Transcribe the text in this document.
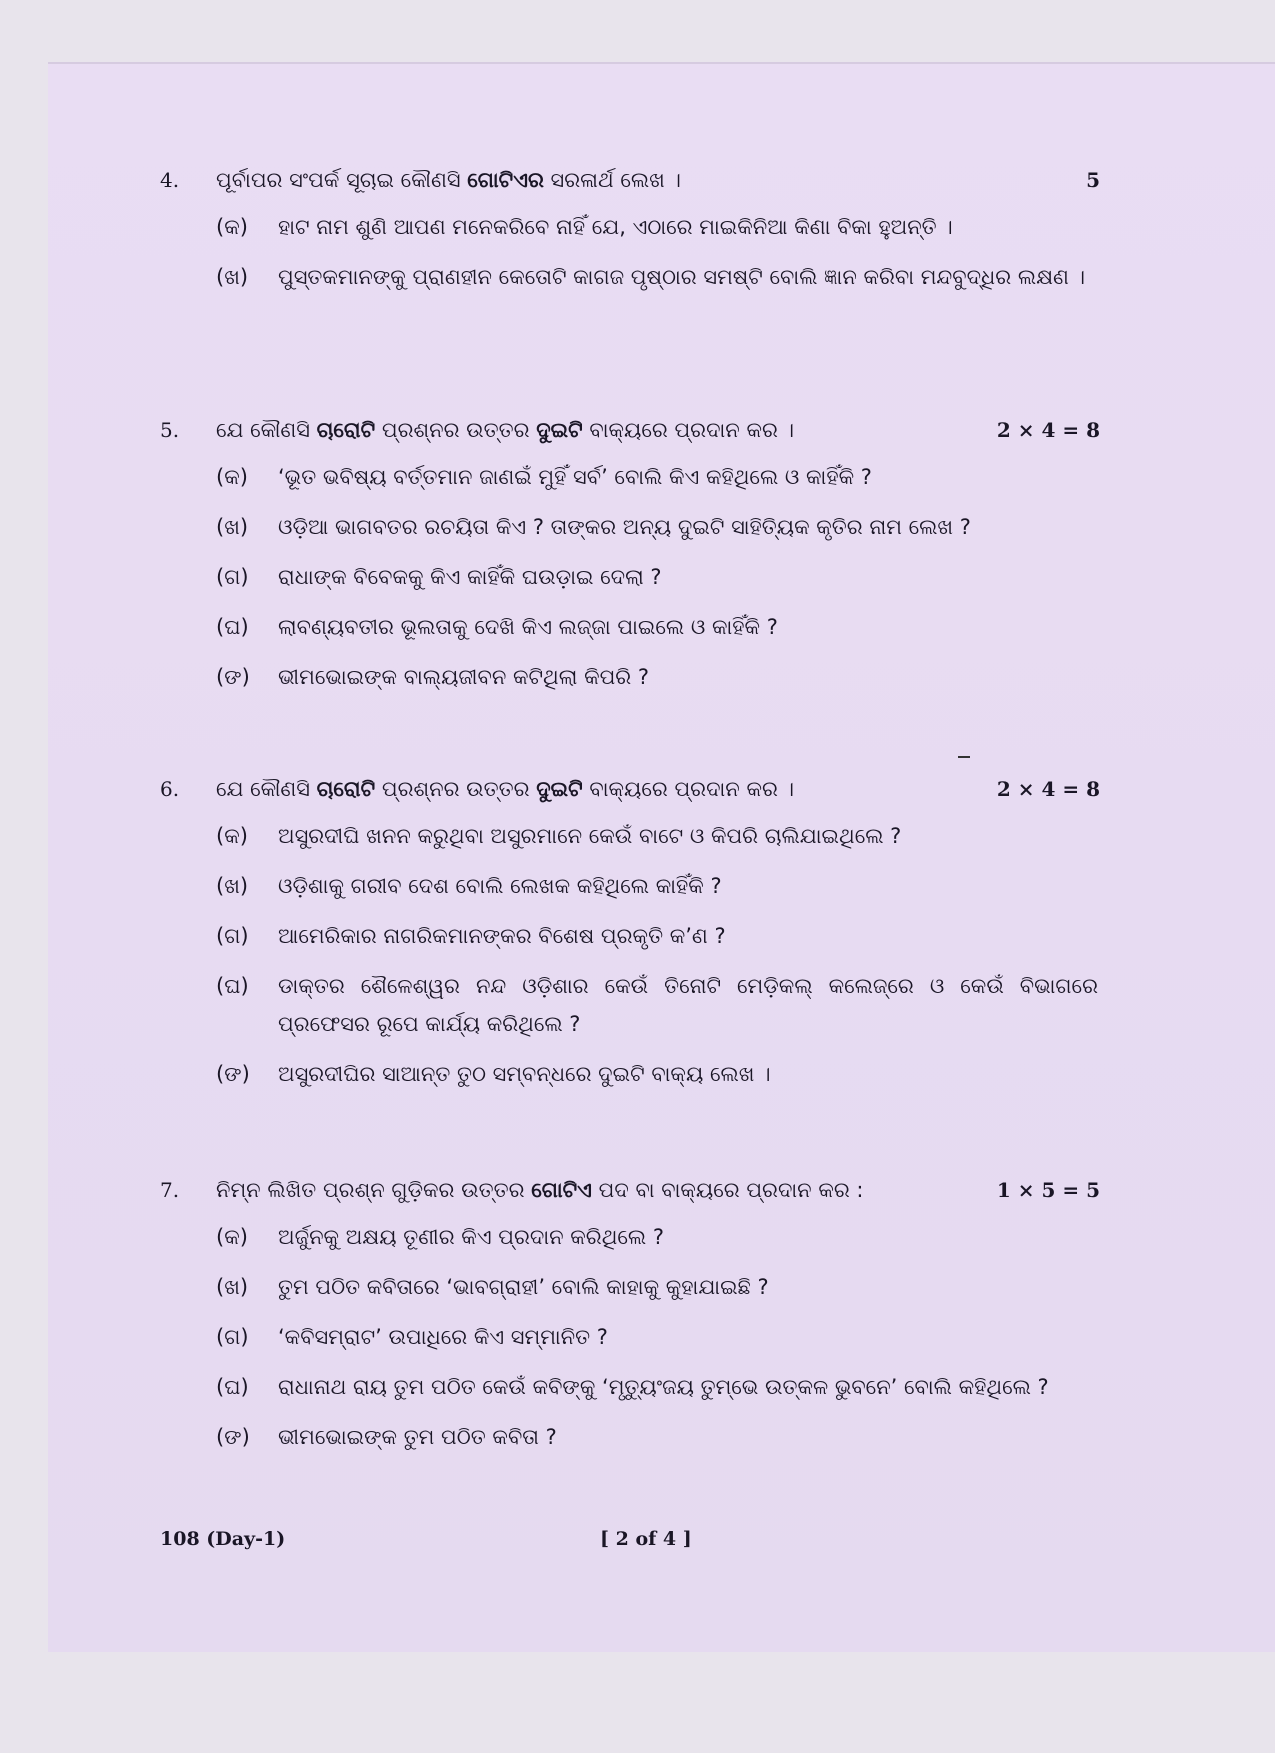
4. ପୂର୍ବାପର ସଂପର୍କ ସୂଚାଇ କୌଣସି ଗୋଟିଏର ସରଳାର୍ଥ ଲେଖ ।	5
(କ) ହାଟ ନାମ ଶୁଣି ଆପଣ ମନେକରିବେ ନାହିଁ ଯେ, ଏଠାରେ ମାଇକିନିଆ କିଣା ବିକା ହୁଅନ୍ତି ।
(ଖ) ପୁସ୍ତକମାନଙ୍କୁ ପ୍ରାଣହୀନ କେତୋଟି କାଗଜ ପୃଷ୍ଠାର ସମଷ୍ଟି ବୋଲି ଜ୍ଞାନ କରିବା ମନ୍ଦବୁଦ୍ଧିର ଲକ୍ଷଣ ।
5. ଯେ କୌଣସି ଚାରୋଟି ପ୍ରଶ୍ନର ଉତ୍ତର ଦୁଇଟି ବାକ୍ୟରେ ପ୍ରଦାନ କର ।	2 × 4 = 8
(କ) ‘ଭୂତ ଭବିଷ୍ୟ ବର୍ତ୍ତମାନ ଜାଣଇଁ ମୁହିଁ ସର୍ବ’ ବୋଲି କିଏ କହିଥିଲେ ଓ କାହିଁକି ?
(ଖ) ଓଡ଼ିଆ ଭାଗବତର ରଚୟିତା କିଏ ? ତାଙ୍କର ଅନ୍ୟ ଦୁଇଟି ସାହିତ୍ୟିକ କୃତିର ନାମ ଲେଖ ?
(ଗ) ରାଧାଙ୍କ ବିବେକକୁ କିଏ କାହିଁକି ଘଉଡ଼ାଇ ଦେଲା ?
(ଘ) ଲାବଣ୍ୟବତୀର ଭୂଲତାକୁ ଦେଖି କିଏ ଲଜ୍ଜା ପାଇଲେ ଓ କାହିଁକି ?
(ଙ) ଭୀମଭୋଇଙ୍କ ବାଲ୍ୟଜୀବନ କଟିଥିଲା କିପରି ?
6. ଯେ କୌଣସି ଚାରୋଟି ପ୍ରଶ୍ନର ଉତ୍ତର ଦୁଇଟି ବାକ୍ୟରେ ପ୍ରଦାନ କର ।	2 × 4 = 8
(କ) ଅସୁରଦୀଘି ଖନନ କରୁଥିବା ଅସୁରମାନେ କେଉଁ ବାଟେ ଓ କିପରି ଚାଲିଯାଇଥିଲେ ?
(ଖ) ଓଡ଼ିଶାକୁ ଗରୀବ ଦେଶ ବୋଲି ଲେଖକ କହିଥିଲେ କାହିଁକି ?
(ଗ) ଆମେରିକାର ନାଗରିକମାନଙ୍କର ବିଶେଷ ପ୍ରକୃତି କ’ଣ ?
(ଘ) ଡାକ୍ତର ଶୈଳେଶ୍ୱର ନନ୍ଦ ଓଡ଼ିଶାର କେଉଁ ତିନୋଟି ମେଡ଼ିକଲ୍ କଲେଜ୍‌ରେ ଓ କେଉଁ ବିଭାଗରେ ପ୍ରଫେସର ରୂପେ କାର୍ଯ୍ୟ କରିଥିଲେ ?
(ଙ) ଅସୁରଦୀଘିର ସାଆନ୍ତ ତୁଠ ସମ୍ବନ୍ଧରେ ଦୁଇଟି ବାକ୍ୟ ଲେଖ ।
7. ନିମ୍ନ ଲିଖିତ ପ୍ରଶ୍ନ ଗୁଡ଼ିକର ଉତ୍ତର ଗୋଟିଏ ପଦ ବା ବାକ୍ୟରେ ପ୍ରଦାନ କର :	1 × 5 = 5
(କ) ଅର୍ଜୁନକୁ ଅକ୍ଷୟ ତୂଣୀର କିଏ ପ୍ରଦାନ କରିଥିଲେ ?
(ଖ) ତୁମ ପଠିତ କବିତାରେ ‘ଭାବଗ୍ରାହୀ’ ବୋଲି କାହାକୁ କୁହାଯାଇଛି ?
(ଗ) ‘କବିସମ୍ରାଟ’ ଉପାଧିରେ କିଏ ସମ୍ମାନିତ ?
(ଘ) ରାଧାନାଥ ରାୟ ତୁମ ପଠିତ କେଉଁ କବିଙ୍କୁ ‘ମୃତ୍ୟୁଂଜୟ ତୁମ୍ଭେ ଉତ୍କଳ ଭୁବନେ’ ବୋଲି କହିଥିଲେ ?
(ଙ) ଭୀମଭୋଇଙ୍କ ତୁମ ପଠିତ କବିତା ?
108 (Day-1)	[ 2 of 4 ]
